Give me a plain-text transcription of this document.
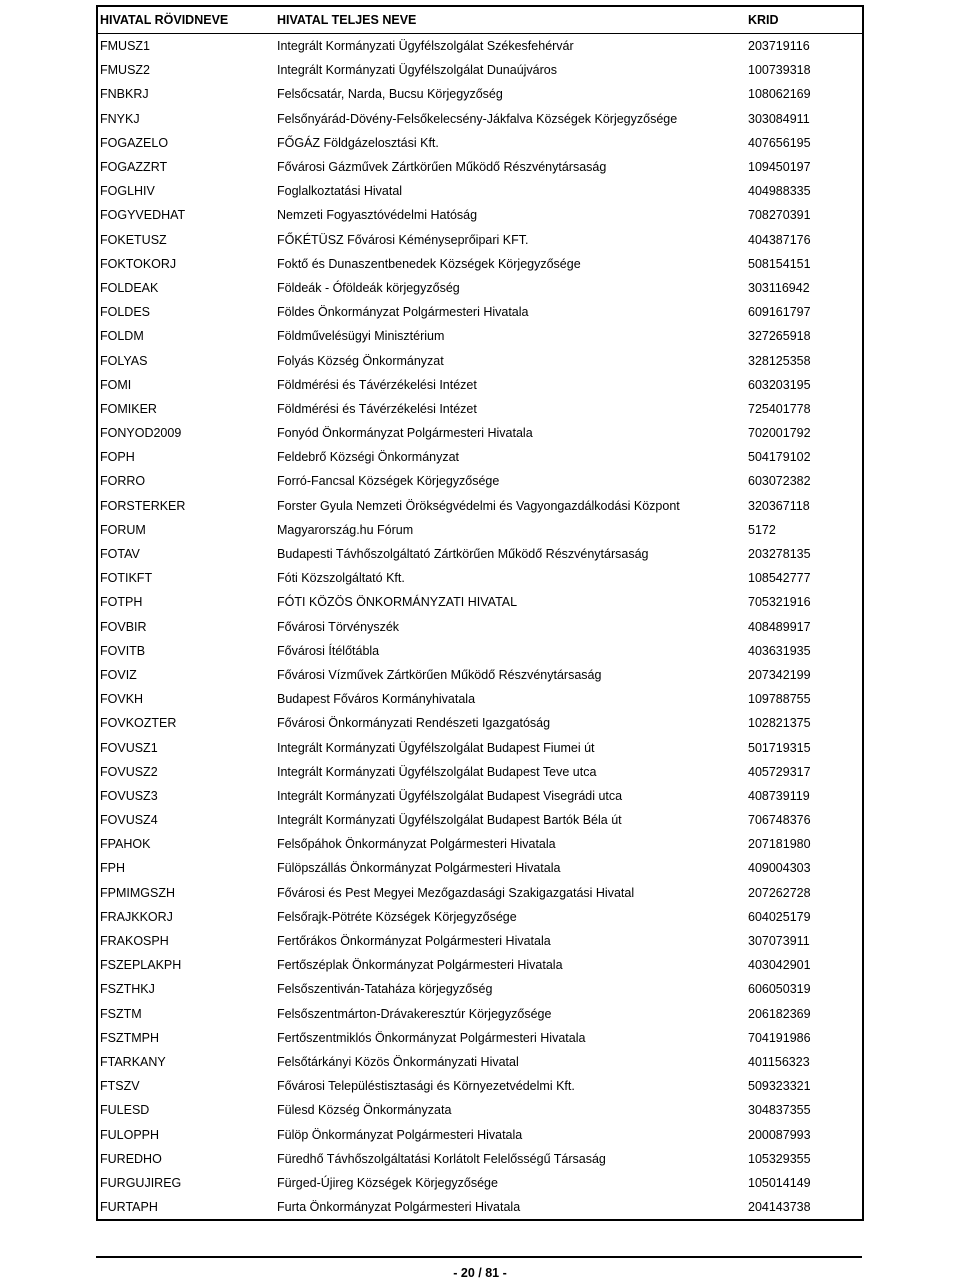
HIVATAL RÖVIDNEVE	HIVATAL TELJES NEVE	KRID
FMUSZ1	Integrált Kormányzati Ügyfélszolgálat Székesfehérvár	203719116
FMUSZ2	Integrált Kormányzati Ügyfélszolgálat Dunaújváros	100739318
FNBKRJ	Felsőcsatár, Narda, Bucsu Körjegyzőség	108062169
FNYKJ	Felsőnyárád-Dövény-Felsőkelecsény-Jákfalva Községek Körjegyzősége	303084911
FOGAZELO	FŐGÁZ Földgázelosztási Kft.	407656195
FOGAZZRT	Fővárosi Gázművek Zártkörűen Működő Részvénytársaság	109450197
FOGLHIV	Foglalkoztatási Hivatal	404988335
FOGYVEDHAT	Nemzeti Fogyasztóvédelmi Hatóság	708270391
FOKETUSZ	FŐKÉTÜSZ Fővárosi Kéményseprőipari KFT.	404387176
FOKTOKORJ	Foktő és Dunaszentbenedek Községek Körjegyzősége	508154151
FOLDEAK	Földeák - Óföldeák körjegyzőség	303116942
FOLDES	Földes Önkormányzat Polgármesteri Hivatala	609161797
FOLDM	Földművelésügyi Minisztérium	327265918
FOLYAS	Folyás Község Önkormányzat	328125358
FOMI	Földmérési és Távérzékelési Intézet	603203195
FOMIKER	Földmérési és Távérzékelési Intézet	725401778
FONYOD2009	Fonyód Önkormányzat Polgármesteri Hivatala	702001792
FOPH	Feldebrő Községi Önkormányzat	504179102
FORRO	Forró-Fancsal Községek Körjegyzősége	603072382
FORSTERKER	Forster Gyula Nemzeti Örökségvédelmi és Vagyongazdálkodási Központ	320367118
FORUM	Magyarország.hu Fórum	5172
FOTAV	Budapesti Távhőszolgáltató Zártkörűen Működő Részvénytársaság	203278135
FOTIKFT	Fóti Közszolgáltató Kft.	108542777
FOTPH	FÓTI KÖZÖS ÖNKORMÁNYZATI HIVATAL	705321916
FOVBIR	Fővárosi Törvényszék	408489917
FOVITB	Fővárosi Ítélőtábla	403631935
FOVIZ	Fővárosi Vízművek Zártkörűen Működő Részvénytársaság	207342199
FOVKH	Budapest Főváros Kormányhivatala	109788755
FOVKOZTER	Fővárosi Önkormányzati Rendészeti Igazgatóság	102821375
FOVUSZ1	Integrált Kormányzati Ügyfélszolgálat Budapest Fiumei út	501719315
FOVUSZ2	Integrált Kormányzati Ügyfélszolgálat Budapest Teve utca	405729317
FOVUSZ3	Integrált Kormányzati Ügyfélszolgálat Budapest Visegrádi utca	408739119
FOVUSZ4	Integrált Kormányzati Ügyfélszolgálat Budapest Bartók Béla út	706748376
FPAHOK	Felsőpáhok Önkormányzat Polgármesteri Hivatala	207181980
FPH	Fülöpszállás Önkormányzat Polgármesteri Hivatala	409004303
FPMIMGSZH	Fővárosi és Pest Megyei Mezőgazdasági Szakigazgatási Hivatal	207262728
FRAJKKORJ	Felsőrajk-Pötréte Községek Körjegyzősége	604025179
FRAKOSPH	Fertőrákos Önkormányzat Polgármesteri Hivatala	307073911
FSZEPLAKPH	Fertőszéplak Önkormányzat Polgármesteri Hivatala	403042901
FSZTHKJ	Felsőszentiván-Tataháza körjegyzőség	606050319
FSZTM	Felsőszentmárton-Drávakeresztúr Körjegyzősége	206182369
FSZTMPH	Fertőszentmiklós Önkormányzat Polgármesteri Hivatala	704191986
FTARKANY	Felsőtárkányi Közös Önkormányzati Hivatal	401156323
FTSZV	Fővárosi Településtisztasági és Környezetvédelmi Kft.	509323321
FULESD	Fülesd Község Önkormányzata	304837355
FULOPPH	Fülöp Önkormányzat Polgármesteri Hivatala	200087993
FUREDHO	Füredhő Távhőszolgáltatási Korlátolt Felelősségű Társaság	105329355
FURGUJIREG	Fürged-Újireg Községek Körjegyzősége	105014149
FURTAPH	Furta Önkormányzat Polgármesteri Hivatala	204143738
- 20 / 81 -
